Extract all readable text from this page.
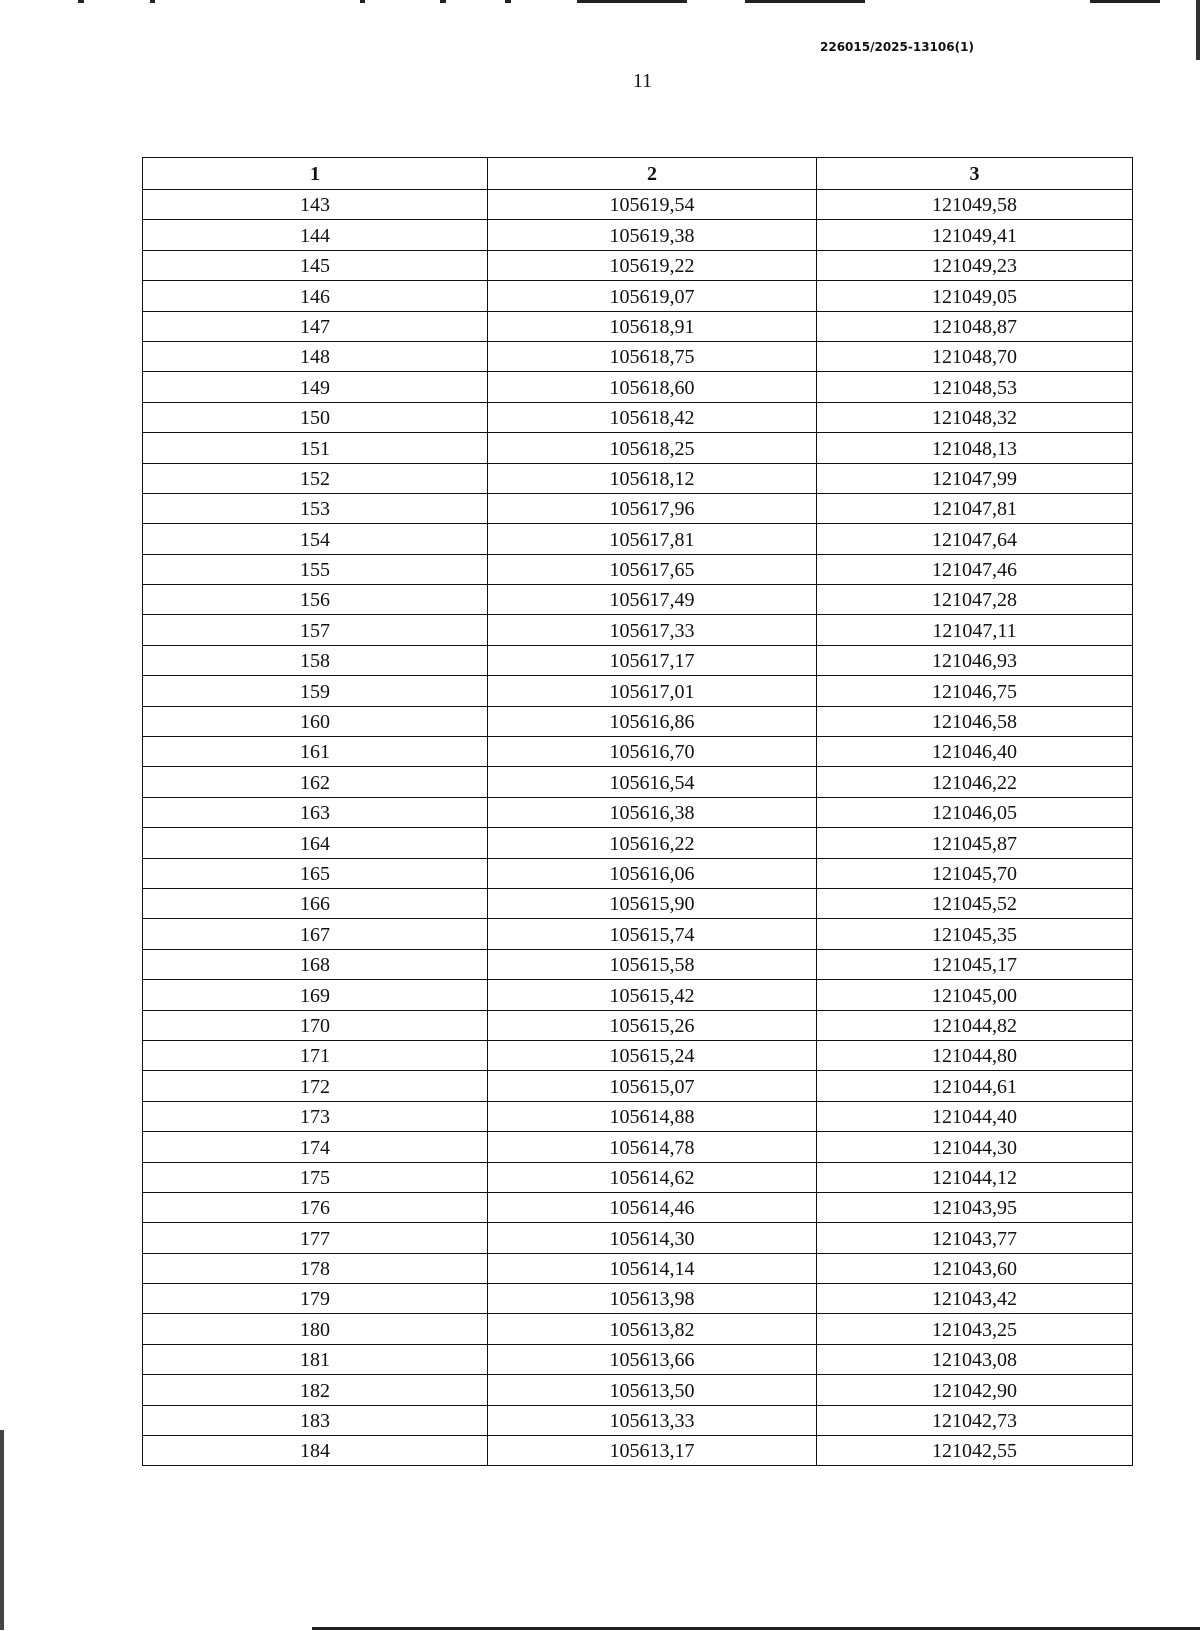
226015/2025-13106(1)
11
1	2	3
143	105619,54	121049,58
144	105619,38	121049,41
145	105619,22	121049,23
146	105619,07	121049,05
147	105618,91	121048,87
148	105618,75	121048,70
149	105618,60	121048,53
150	105618,42	121048,32
151	105618,25	121048,13
152	105618,12	121047,99
153	105617,96	121047,81
154	105617,81	121047,64
155	105617,65	121047,46
156	105617,49	121047,28
157	105617,33	121047,11
158	105617,17	121046,93
159	105617,01	121046,75
160	105616,86	121046,58
161	105616,70	121046,40
162	105616,54	121046,22
163	105616,38	121046,05
164	105616,22	121045,87
165	105616,06	121045,70
166	105615,90	121045,52
167	105615,74	121045,35
168	105615,58	121045,17
169	105615,42	121045,00
170	105615,26	121044,82
171	105615,24	121044,80
172	105615,07	121044,61
173	105614,88	121044,40
174	105614,78	121044,30
175	105614,62	121044,12
176	105614,46	121043,95
177	105614,30	121043,77
178	105614,14	121043,60
179	105613,98	121043,42
180	105613,82	121043,25
181	105613,66	121043,08
182	105613,50	121042,90
183	105613,33	121042,73
184	105613,17	121042,55
